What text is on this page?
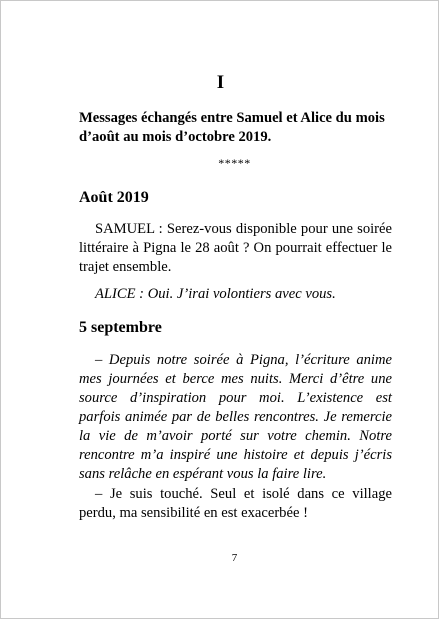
I
Messages échangés entre Samuel et Alice du mois d’août au mois d’octobre 2019.
*****
Août 2019

SAMUEL : Serez-vous disponible pour une soirée littéraire à Pigna le 28 août ? On pourrait effectuer le trajet ensemble.

ALICE : Oui. J’irai volontiers avec vous.

5 septembre

– Depuis notre soirée à Pigna, l’écriture anime mes journées et berce mes nuits. Merci d’être une source d’inspiration pour moi. L’existence est parfois animée par de belles rencontres. Je remercie la vie de m’avoir porté sur votre chemin. Notre rencontre m’a inspiré une histoire et depuis j’écris sans relâche en espérant vous la faire lire.

– Je suis touché. Seul et isolé dans ce village perdu, ma sensibilité en est exacerbée !

7
